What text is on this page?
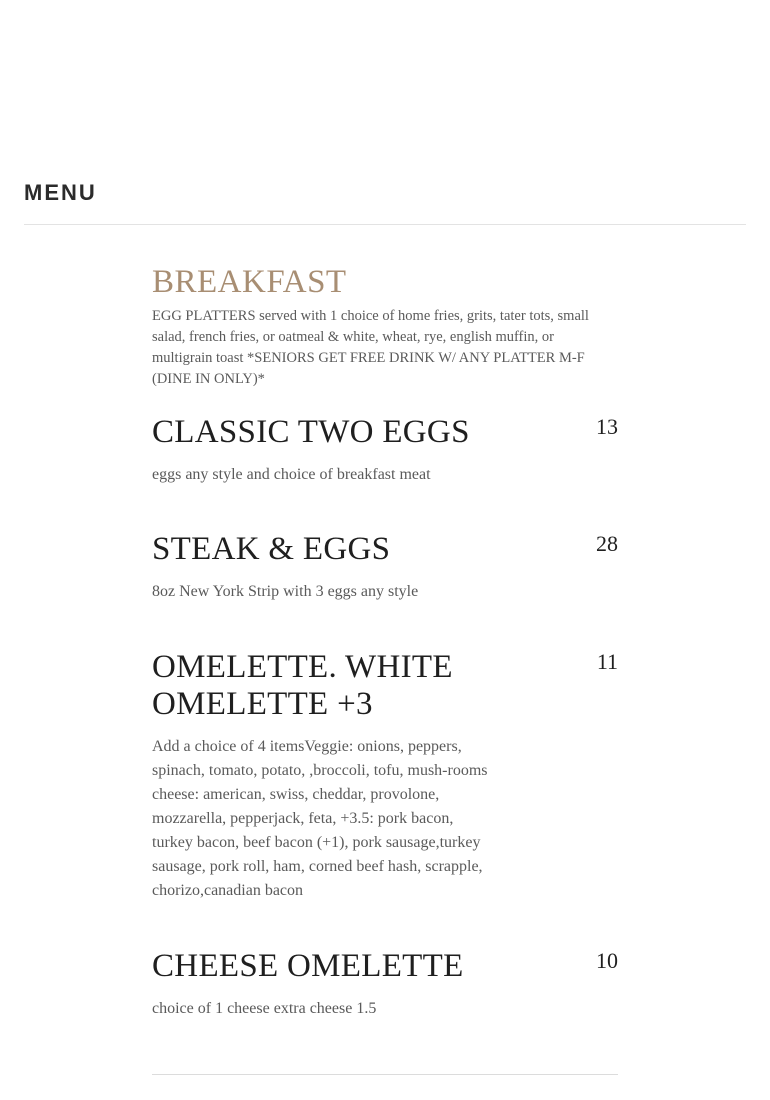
MENU
BREAKFAST
EGG PLATTERS served with 1 choice of home fries, grits, tater tots, small salad, french fries, or oatmeal & white, wheat, rye, english muffin, or multigrain toast *SENIORS GET FREE DRINK W/ ANY PLATTER M-F (DINE IN ONLY)*
CLASSIC TWO EGGS	13
eggs any style and choice of breakfast meat
STEAK & EGGS	28
8oz New York Strip with 3 eggs any style
OMELETTE. WHITE OMELETTE +3
11
Add a choice of 4 itemsVeggie: onions, peppers, spinach, tomato, potato, ,broccoli, tofu, mush-rooms cheese: american, swiss, cheddar, provolone, mozzarella, pepperjack, feta, +3.5: pork bacon, turkey bacon, beef bacon (+1), pork sausage,turkey sausage, pork roll, ham, corned beef hash, scrapple, chorizo,canadian bacon
CHEESE OMELETTE	10
choice of 1 cheese extra cheese 1.5
